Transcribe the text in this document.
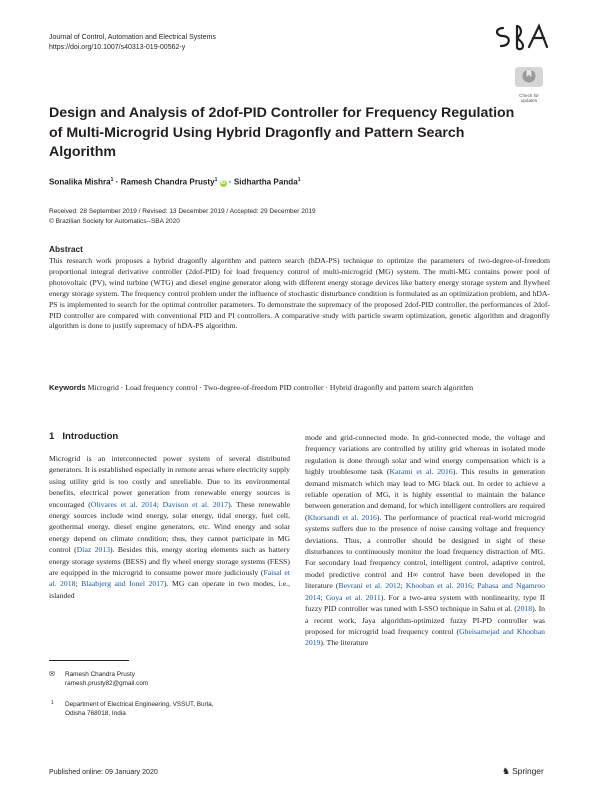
Journal of Control, Automation and Electrical Systems
https://doi.org/10.1007/s40313-019-00562-y
Check for updates
Design and Analysis of 2dof-PID Controller for Frequency Regulation of Multi-Microgrid Using Hybrid Dragonfly and Pattern Search Algorithm
Sonalika Mishra$^1$ · Ramesh Chandra Prusty$^1$ iD · Sidhartha Panda$^1$
Received: 28 September 2019 / Revised: 13 December 2019 / Accepted: 29 December 2019
© Brazilian Society for Automatics--SBA 2020
Abstract
This research work proposes a hybrid dragonfly algorithm and pattern search (hDA-PS) technique to optimize the parameters of two-degree-of-freedom proportional integral derivative controller (2dof-PID) for load frequency control of multi-microgrid (MG) system. The multi-MG contains power pool of photovoltaic (PV), wind turbine (WTG) and diesel engine generator along with different energy storage devices like battery energy storage system and flywheel energy storage system. The frequency control problem under the influence of stochastic disturbance condition is formulated as an optimization problem, and hDA-PS is implemented to search for the optimal controller parameters. To demonstrate the supremacy of the proposed 2dof-PID controller, the performances of 2dof-PID controller are compared with conventional PID and PI controllers. A comparative study with particle swarm optimization, genetic algorithm and dragonfly algorithm is done to justify supremacy of hDA-PS algorithm.
Keywords Microgrid · Load frequency control · Two-degree-of-freedom PID controller · Hybrid dragonfly and pattern search algorithm
1 Introduction
Microgrid is an interconnected power system of several distributed generators. It is established especially in remote areas where electricity supply using utility grid is too costly and unreliable. Due to its environmental benefits, electrical power generation from renewable energy sources is encouraged (Olivares et al. 2014; Davison et al. 2017). These renewable energy sources include wind energy, solar energy, tidal energy, fuel cell, geothermal energy, diesel engine generators, etc. Wind energy and solar energy depend on climate condition; thus, they cannot participate in MG control (Díaz 2013). Besides this, energy storing elements such as battery energy storage systems (BESS) and fly wheel energy storage systems (FESS) are equipped in the microgrid to consume power more judiciously (Faisal et al. 2018; Blaabjerg and Ionel 2017). MG can operate in two modes, i.e., islanded
mode and grid-connected mode. In grid-connected mode, the voltage and frequency variations are controlled by utility grid whereas in isolated mode regulation is done through solar and wind energy compensation which is a highly troublesome task (Karami et al. 2016). This results in generation demand mismatch which may lead to MG black out. In order to achieve a reliable operation of MG, it is highly essential to maintain the balance between generation and demand, for which intelligent controllers are required (Khorsandi et al. 2016). The performance of practical real-world microgrid systems suffers due to the presence of noise causing voltage and frequency deviations. Thus, a controller should be designed in sight of these disturbances to continuously monitor the load frequency distraction of MG. For secondary load frequency control, intelligent control, adaptive control, model predictive control and H∞ control have been developed in the literature (Bevrani et al. 2012; Khooban et al. 2016; Pahasa and Ngamroo 2014; Goya et al. 2011). For a two-area system with nonlinearity, type II fuzzy PID controller was tuned with I-SSO technique in Sahu et al. (2018). In a recent work, Jaya algorithm-optimized fuzzy PI-PD controller was proposed for microgrid load frequency control (Gheisarnejad and Khooban 2019). The literature
✉ Ramesh Chandra Prusty
ramesh.prusty82@gmail.com
1 Department of Electrical Engineering, VSSUT, Burla,
Odisha 768018, India
Published online: 09 January 2020	♞ Springer
